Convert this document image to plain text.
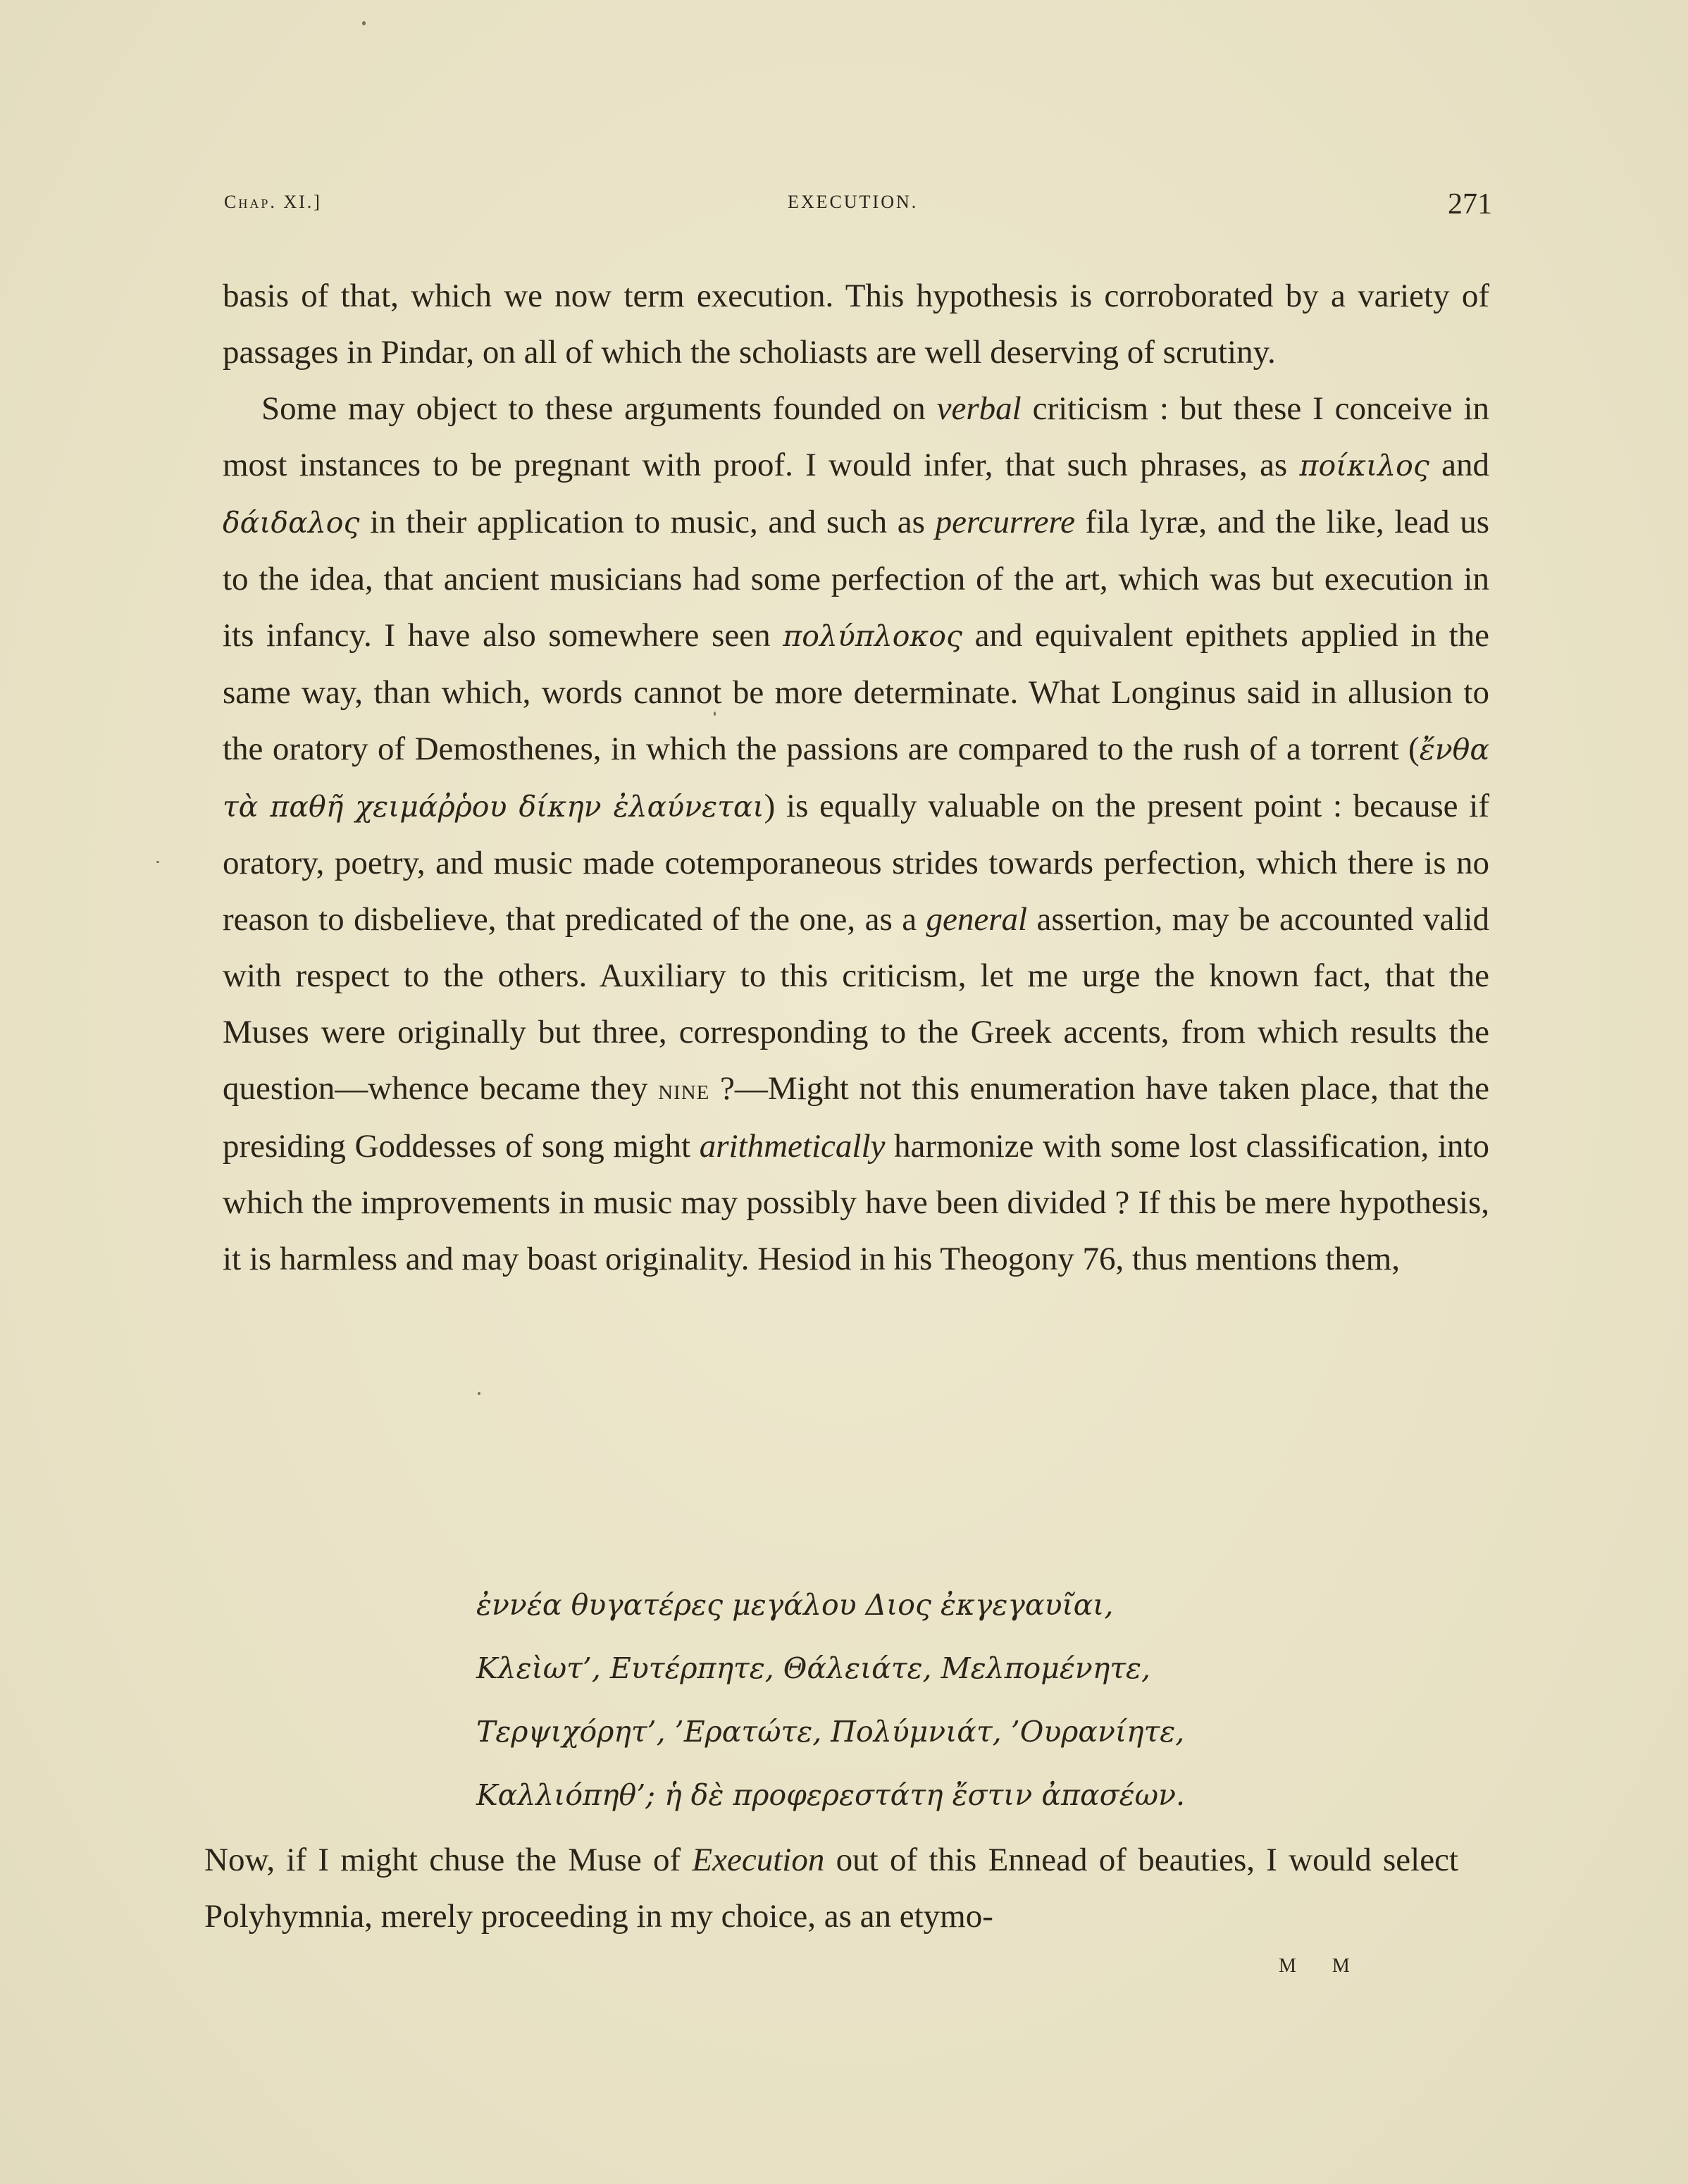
Chap. XI.]	EXECUTION.	271

basis of that, which we now term execution. This hypothesis is corroborated by a variety of passages in Pindar, on all of which the scholiasts are well deserving of scrutiny.

Some may object to these arguments founded on verbal criticism : but these I conceive in most instances to be pregnant with proof. I would infer, that such phrases, as ποίκιλος and δάιδαλος in their application to music, and such as percurrere fila lyræ, and the like, lead us to the idea, that ancient musicians had some perfection of the art, which was but execution in its infancy. I have also somewhere seen πολύπλοκος and equivalent epithets applied in the same way, than which, words cannot be more determinate. What Longinus said in allusion to the oratory of Demosthenes, in which the passions are compared to the rush of a torrent (ἔνθα τὰ παθῆ χειμάῤῥου δίκην ἐλαύνεται) is equally valuable on the present point : because if oratory, poetry, and music made cotemporaneous strides towards perfection, which there is no reason to disbelieve, that predicated of the one, as a general assertion, may be accounted valid with respect to the others. Auxiliary to this criticism, let me urge the known fact, that the Muses were originally but three, corresponding to the Greek accents, from which results the question—whence became they nine ?—Might not this enumeration have taken place, that the presiding Goddesses of song might arithmetically harmonize with some lost classification, into which the improvements in music may possibly have been divided ? If this be mere hypothesis, it is harmless and may boast originality. Hesiod in his Theogony 76, thus mentions them,

ἐννέα θυγατέρες μεγάλου Διος ἐκγεγαυῖαι,
Κλεὶωτ’, Ευτέρπητε, Θάλειάτε, Μελπομένητε,
Τερψιχόρητ’, ’Ερατώτε, Πολύμνιάτ, ’Ουρανίητε,
Καλλιόπηθ’; ἡ δὲ προφερεστάτη ἔστιν ἀπασέων.

Now, if I might chuse the Muse of Execution out of this Ennead of beauties, I would select Polyhymnia, merely proceeding in my choice, as an etymo-

M M
